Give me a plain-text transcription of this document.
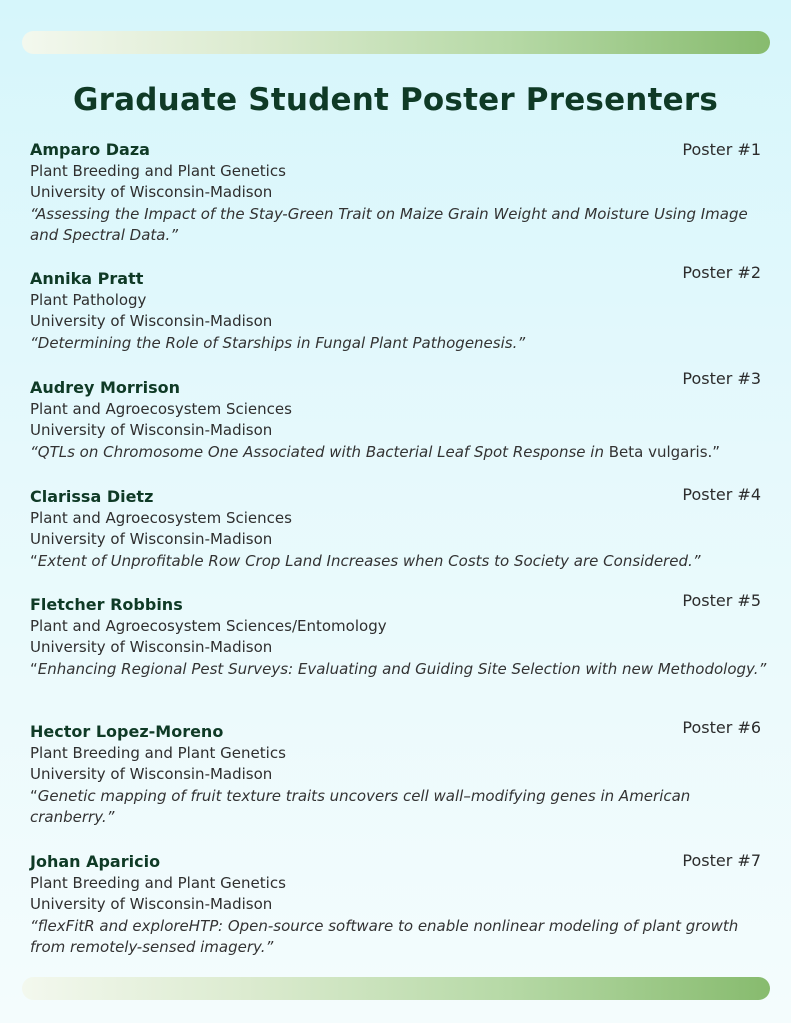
Graduate Student Poster Presenters
Amparo Daza
Plant Breeding and Plant Genetics
University of Wisconsin-Madison
“Assessing the Impact of the Stay-Green Trait on Maize Grain Weight and Moisture Using Image and Spectral Data.”
Poster #1
Annika Pratt
Plant Pathology
University of Wisconsin-Madison
“Determining the Role of Starships in Fungal Plant Pathogenesis.”
Poster #2
Audrey Morrison
Plant and Agroecosystem Sciences
University of Wisconsin-Madison
“QTLs on Chromosome One Associated with Bacterial Leaf Spot Response in Beta vulgaris.”
Poster #3
Clarissa Dietz
Plant and Agroecosystem Sciences
University of Wisconsin-Madison
“Extent of Unprofitable Row Crop Land Increases when Costs to Society are Considered.”
Poster #4
Fletcher Robbins
Plant and Agroecosystem Sciences/Entomology
University of Wisconsin-Madison
“Enhancing Regional Pest Surveys: Evaluating and Guiding Site Selection with new Methodology.”
Poster #5
Hector Lopez-Moreno
Plant Breeding and Plant Genetics
University of Wisconsin-Madison
“Genetic mapping of fruit texture traits uncovers cell wall–modifying genes in American cranberry.”
Poster #6
Johan Aparicio
Plant Breeding and Plant Genetics
University of Wisconsin-Madison
“flexFitR and exploreHTP: Open-source software to enable nonlinear modeling of plant growth from remotely-sensed imagery.”
Poster #7
